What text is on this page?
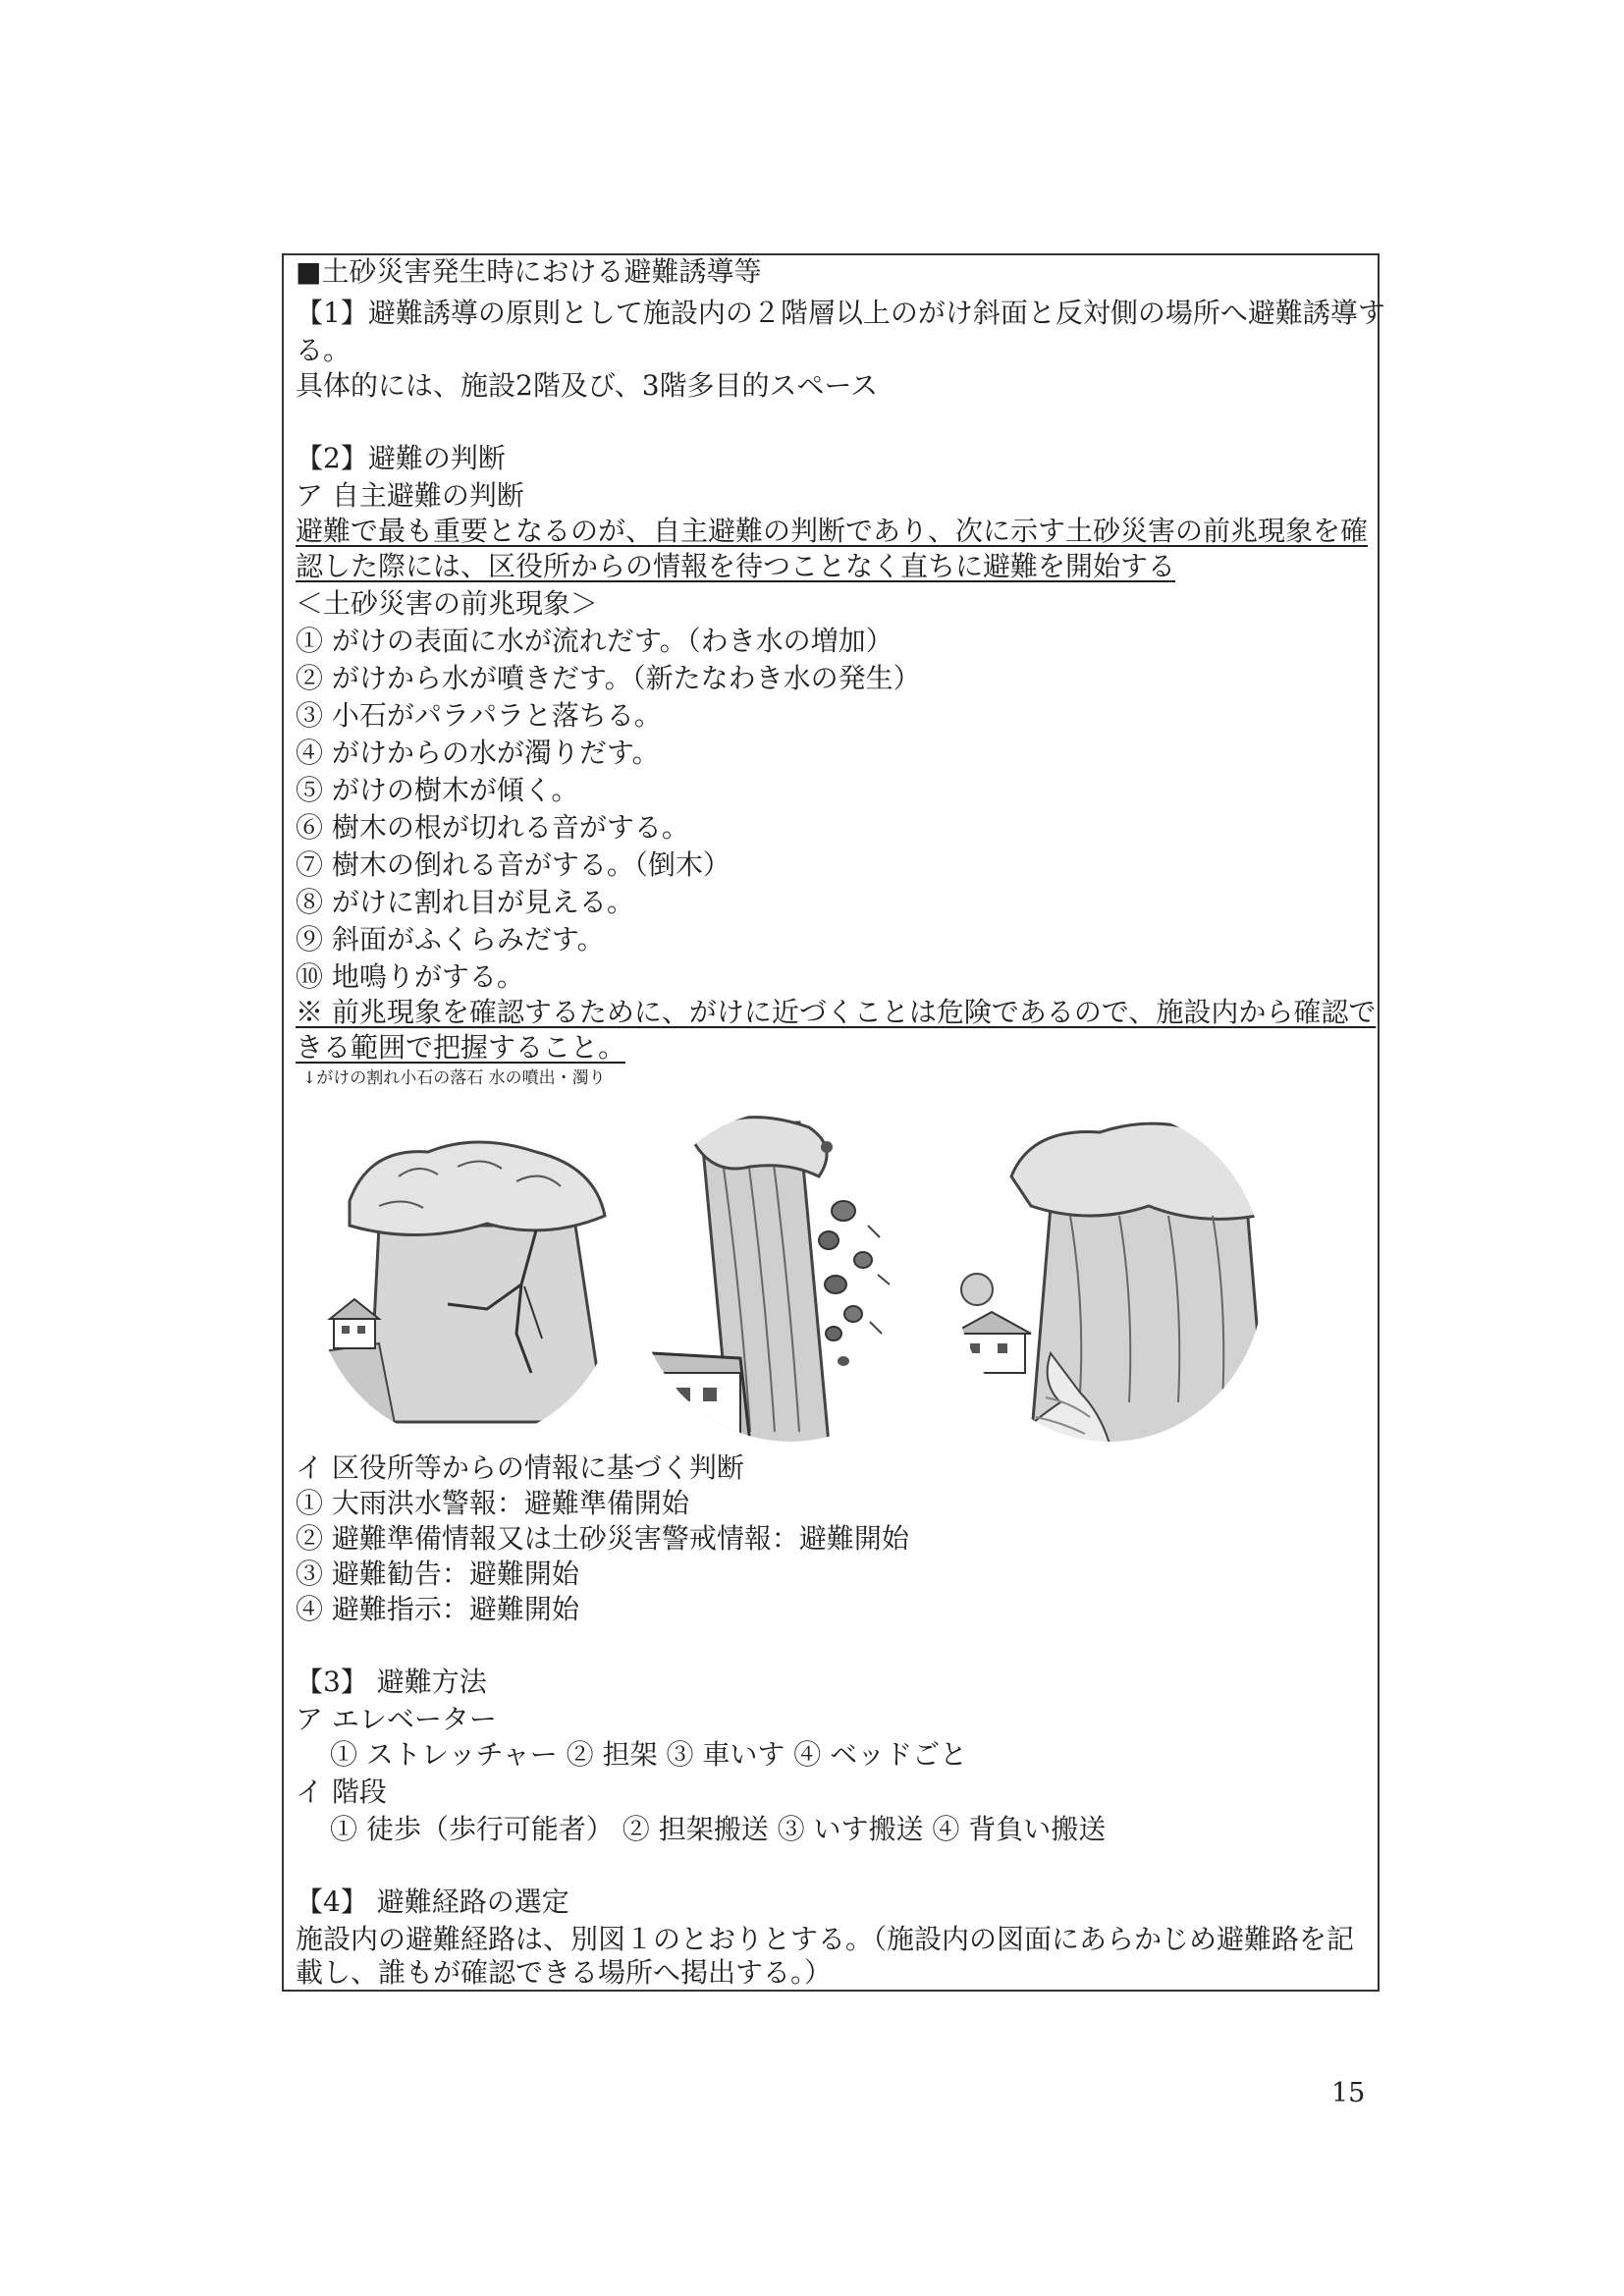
■土砂災害発生時における避難誘導等
【1】避難誘導の原則として施設内の２階層以上のがけ斜面と反対側の場所へ避難誘導す
る。
具体的には、施設2階及び、3階多目的スペース
【2】避難の判断
ア 自主避難の判断
避難で最も重要となるのが、自主避難の判断であり、次に示す土砂災害の前兆現象を確
認した際には、区役所からの情報を待つことなく直ちに避難を開始する
＜土砂災害の前兆現象＞
① がけの表面に水が流れだす。（わき水の増加）
② がけから水が噴きだす。（新たなわき水の発生）
③ 小石がパラパラと落ちる。
④ がけからの水が濁りだす。
⑤ がけの樹木が傾く。
⑥ 樹木の根が切れる音がする。
⑦ 樹木の倒れる音がする。（倒木）
⑧ がけに割れ目が見える。
⑨ 斜面がふくらみだす。
⑩ 地鳴りがする。
※ 前兆現象を確認するために、がけに近づくことは危険であるので、施設内から確認で
きる範囲で把握すること。
↓がけの割れ小石の落石 水の噴出・濁り
イ 区役所等からの情報に基づく判断
① 大雨洪水警報：避難準備開始
② 避難準備情報又は土砂災害警戒情報：避難開始
③ 避難勧告：避難開始
④ 避難指示：避難開始
【3】 避難方法
ア エレベーター
① ストレッチャー ② 担架 ③ 車いす ④ ベッドごと
イ 階段
① 徒歩（歩行可能者） ② 担架搬送 ③ いす搬送 ④ 背負い搬送
【4】 避難経路の選定
施設内の避難経路は、別図１のとおりとする。（施設内の図面にあらかじめ避難路を記
載し、誰もが確認できる場所へ掲出する。）
15
